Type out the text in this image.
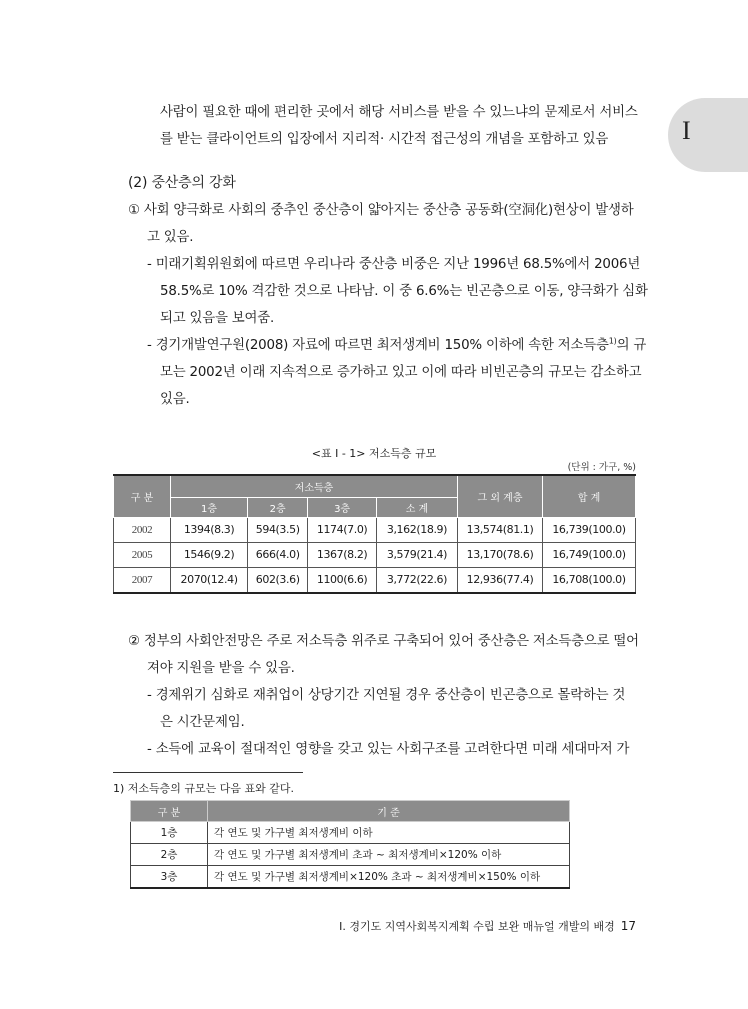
I
사람이 필요한 때에 편리한 곳에서 해당 서비스를 받을 수 있느냐의 문제로서 서비스
를 받는 클라이언트의 입장에서 지리적· 시간적 접근성의 개념을 포함하고 있음
(2) 중산층의 강화
① 사회 양극화로 사회의 중추인 중산층이 얇아지는 중산층 공동화(空洞化)현상이 발생하
고 있음.
- 미래기획위원회에 따르면 우리나라 중산층 비중은 지난 1996년 68.5%에서 2006년
58.5%로 10% 격감한 것으로 나타남. 이 중 6.6%는 빈곤층으로 이동, 양극화가 심화
되고 있음을 보여줌.
- 경기개발연구원(2008) 자료에 따르면 최저생계비 150% 이하에 속한 저소득층$^{1)}$의 규
모는 2002년 이래 지속적으로 증가하고 있고 이에 따라 비빈곤층의 규모는 감소하고
있음.
<표 Ⅰ - 1> 저소득층 규모
(단위 : 가구, %)
구 분	저소득층				그 외 계층	합 계
	1층	2층	3층	소 계		
2002	1394(8.3)	594(3.5)	1174(7.0)	3,162(18.9)	13,574(81.1)	16,739(100.0)
2005	1546(9.2)	666(4.0)	1367(8.2)	3,579(21.4)	13,170(78.6)	16,749(100.0)
2007	2070(12.4)	602(3.6)	1100(6.6)	3,772(22.6)	12,936(77.4)	16,708(100.0)
② 정부의 사회안전망은 주로 저소득층 위주로 구축되어 있어 중산층은 저소득층으로 떨어
져야 지원을 받을 수 있음.
- 경제위기 심화로 재취업이 상당기간 지연될 경우 중산층이 빈곤층으로 몰락하는 것
은 시간문제임.
- 소득에 교육이 절대적인 영향을 갖고 있는 사회구조를 고려한다면 미래 세대마저 가
1) 저소득층의 규모는 다음 표와 같다.
구 분	기 준
1층	각 연도 및 가구별 최저생계비 이하
2층	각 연도 및 가구별 최저생계비 초과 ~ 최저생계비×120% 이하
3층	각 연도 및 가구별 최저생계비×120% 초과 ~ 최저생계비×150% 이하
Ⅰ. 경기도 지역사회복지계획 수립 보완 매뉴얼 개발의 배경 17
